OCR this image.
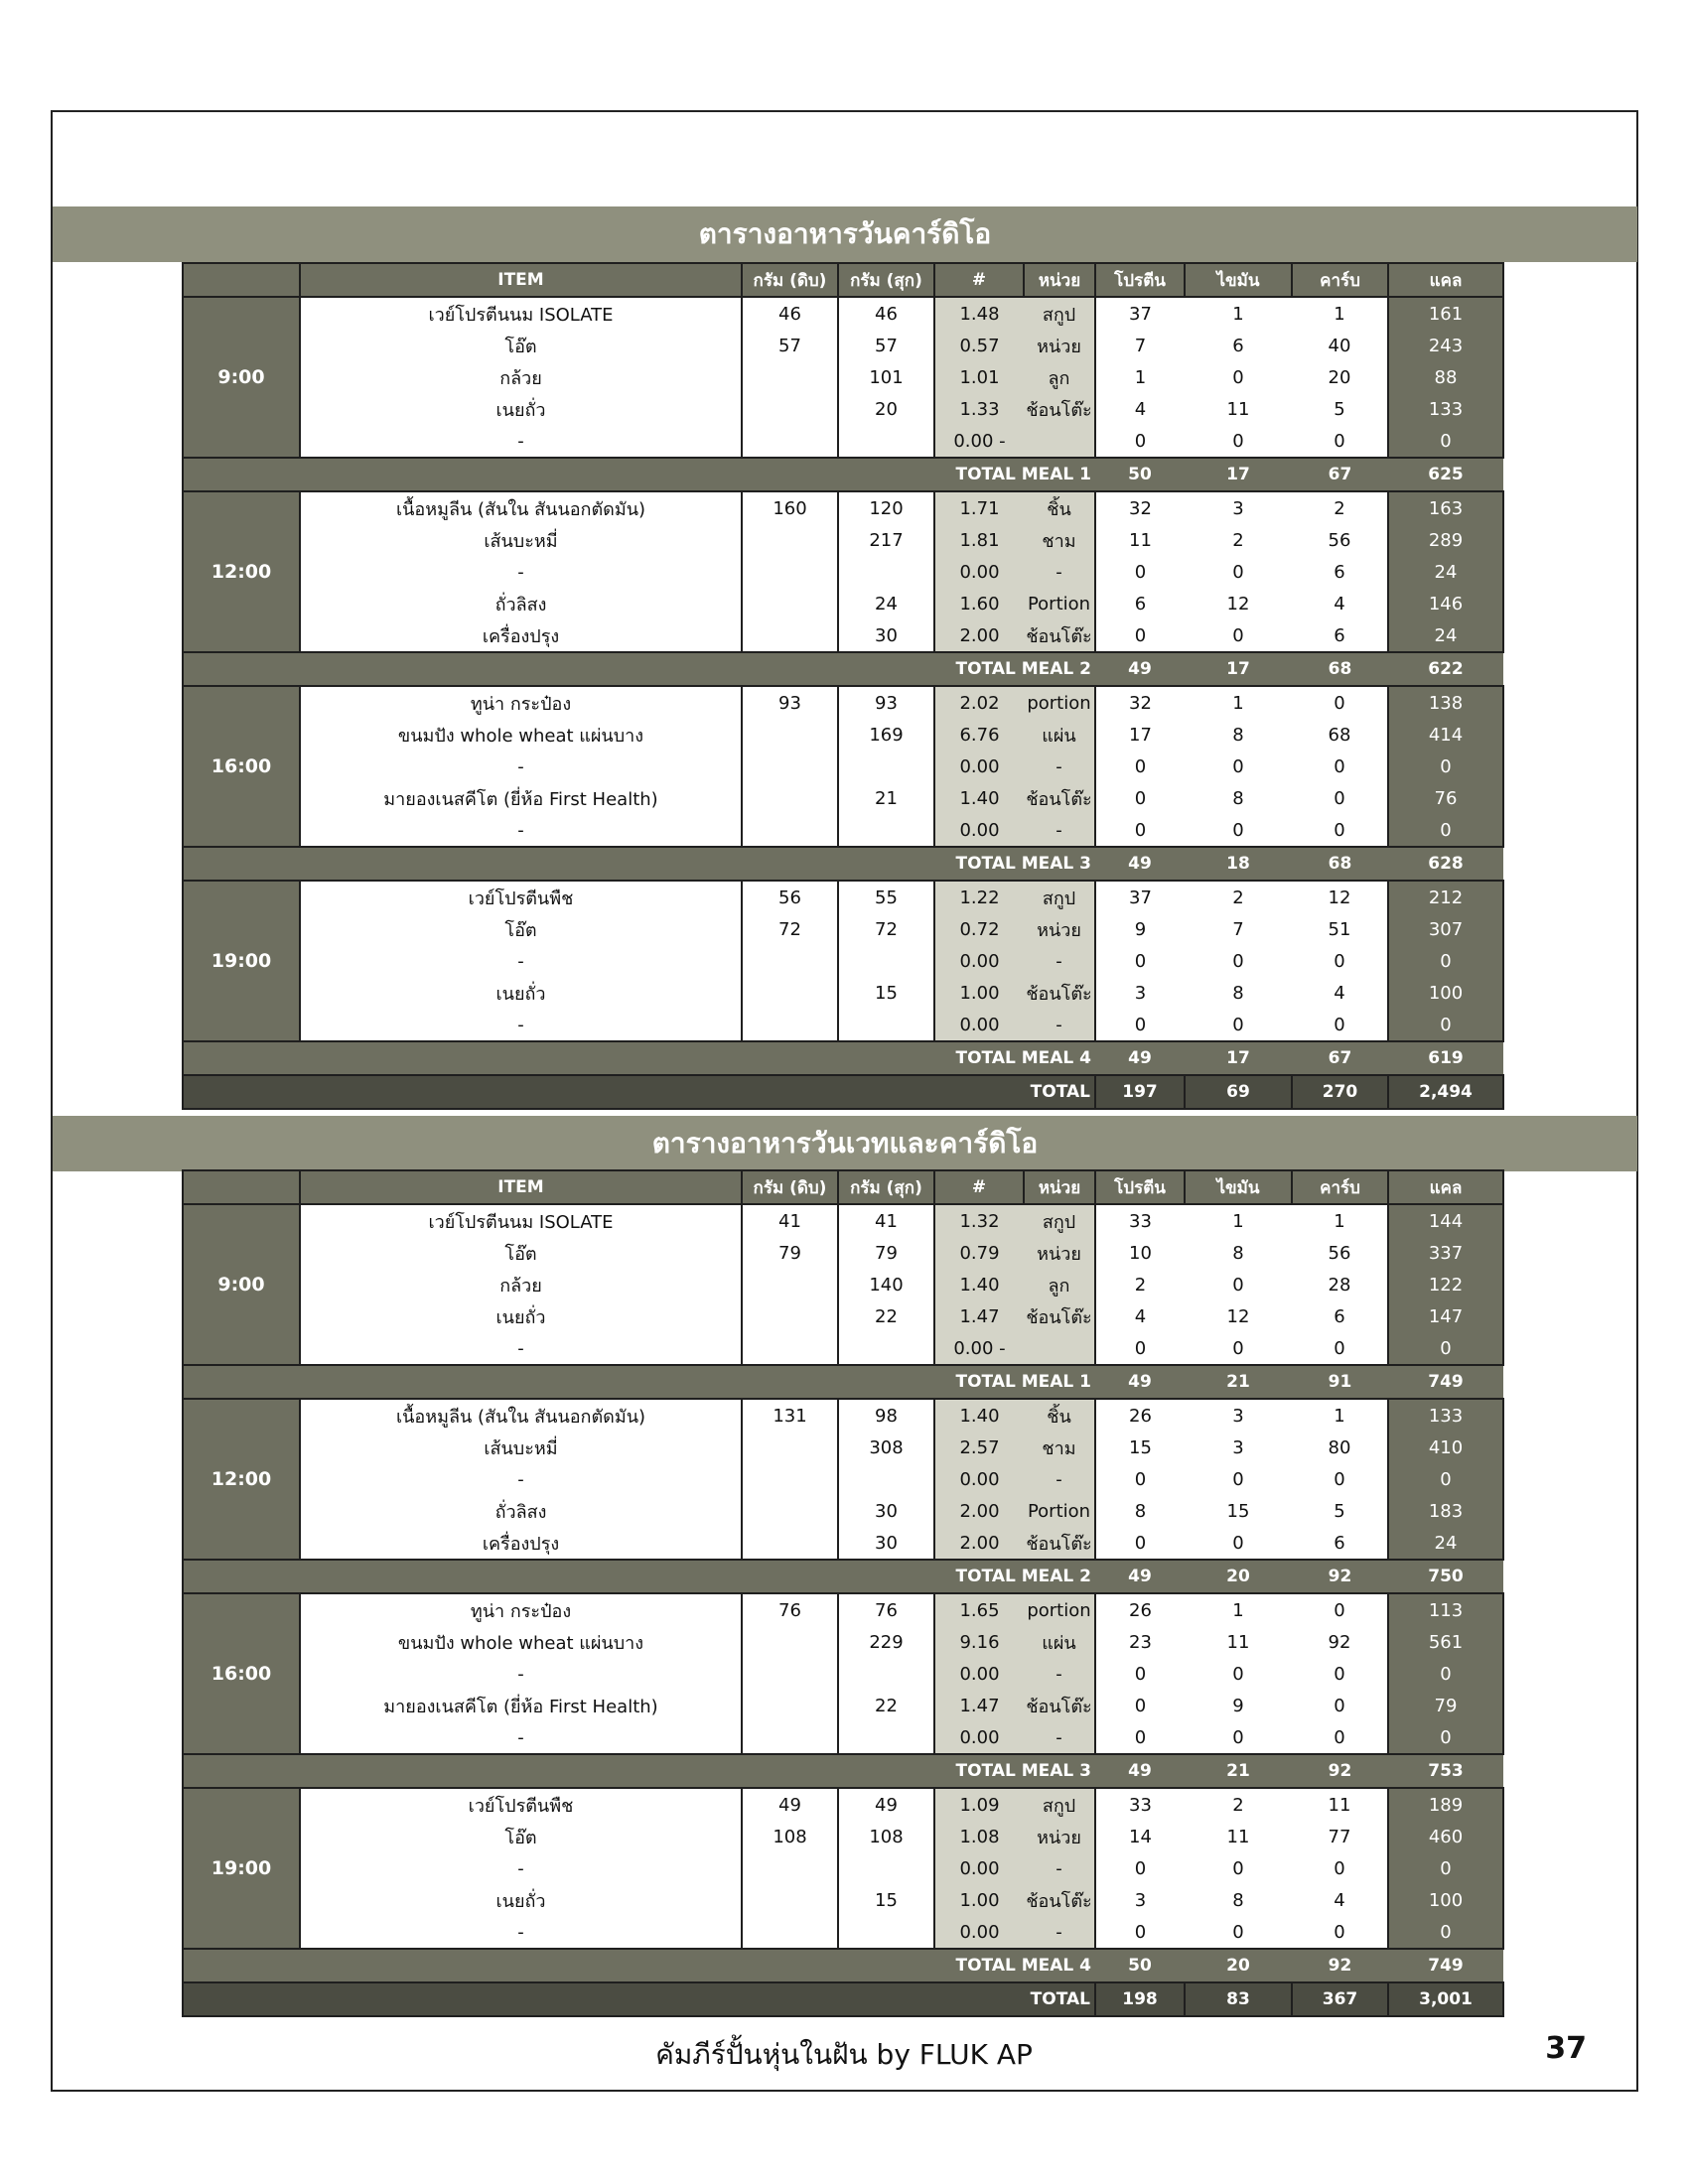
ตารางอาหารวันคาร์ดิโอ
	ITEM	กรัม (ดิบ)	กรัม (สุก)	#	หน่วย	โปรตีน	ไขมัน	คาร์บ	แคล
9:00	เวย์โปรตีนนม ISOLATE	46	46	1.48	สกูป	37	1	1	161
	โอ๊ต	57	57	0.57	หน่วย	7	6	40	243
	กล้วย		101	1.01	ลูก	1	0	20	88
	เนยถั่ว		20	1.33	ช้อนโต๊ะ	4	11	5	133
	-			0.00 -		0	0	0	0
	TOTAL MEAL 1					50	17	67	625
12:00	เนื้อหมูลีน (สันใน สันนอกตัดมัน)	160	120	1.71	ชิ้น	32	3	2	163
	เส้นบะหมี่		217	1.81	ชาม	11	2	56	289
	-			0.00	-	0	0	6	24
	ถั่วลิสง		24	1.60	Portion	6	12	4	146
	เครื่องปรุง		30	2.00	ช้อนโต๊ะ	0	0	6	24
	TOTAL MEAL 2					49	17	68	622
16:00	ทูน่า กระป๋อง	93	93	2.02	portion	32	1	0	138
	ขนมปัง whole wheat แผ่นบาง		169	6.76	แผ่น	17	8	68	414
	-			0.00	-	0	0	0	0
	มายองเนสคีโต (ยี่ห้อ First Health)		21	1.40	ช้อนโต๊ะ	0	8	0	76
	-			0.00	-	0	0	0	0
	TOTAL MEAL 3					49	18	68	628
19:00	เวย์โปรตีนพืช	56	55	1.22	สกูป	37	2	12	212
	โอ๊ต	72	72	0.72	หน่วย	9	7	51	307
	-			0.00	-	0	0	0	0
	เนยถั่ว		15	1.00	ช้อนโต๊ะ	3	8	4	100
	-			0.00	-	0	0	0	0
	TOTAL MEAL 4					49	17	67	619
TOTAL						197	69	270	2,494
ตารางอาหารวันเวทและคาร์ดิโอ
	ITEM	กรัม (ดิบ)	กรัม (สุก)	#	หน่วย	โปรตีน	ไขมัน	คาร์บ	แคล
9:00	เวย์โปรตีนนม ISOLATE	41	41	1.32	สกูป	33	1	1	144
	โอ๊ต	79	79	0.79	หน่วย	10	8	56	337
	กล้วย		140	1.40	ลูก	2	0	28	122
	เนยถั่ว		22	1.47	ช้อนโต๊ะ	4	12	6	147
	-			0.00 -		0	0	0	0
	TOTAL MEAL 1					49	21	91	749
12:00	เนื้อหมูลีน (สันใน สันนอกตัดมัน)	131	98	1.40	ชิ้น	26	3	1	133
	เส้นบะหมี่		308	2.57	ชาม	15	3	80	410
	-			0.00	-	0	0	0	0
	ถั่วลิสง		30	2.00	Portion	8	15	5	183
	เครื่องปรุง		30	2.00	ช้อนโต๊ะ	0	0	6	24
	TOTAL MEAL 2					49	20	92	750
16:00	ทูน่า กระป๋อง	76	76	1.65	portion	26	1	0	113
	ขนมปัง whole wheat แผ่นบาง		229	9.16	แผ่น	23	11	92	561
	-			0.00	-	0	0	0	0
	มายองเนสคีโต (ยี่ห้อ First Health)		22	1.47	ช้อนโต๊ะ	0	9	0	79
	-			0.00	-	0	0	0	0
	TOTAL MEAL 3					49	21	92	753
19:00	เวย์โปรตีนพืช	49	49	1.09	สกูป	33	2	11	189
	โอ๊ต	108	108	1.08	หน่วย	14	11	77	460
	-			0.00	-	0	0	0	0
	เนยถั่ว		15	1.00	ช้อนโต๊ะ	3	8	4	100
	-			0.00	-	0	0	0	0
	TOTAL MEAL 4					50	20	92	749
TOTAL						198	83	367	3,001
คัมภีร์ปั้นหุ่นในฝัน by FLUK AP	37
